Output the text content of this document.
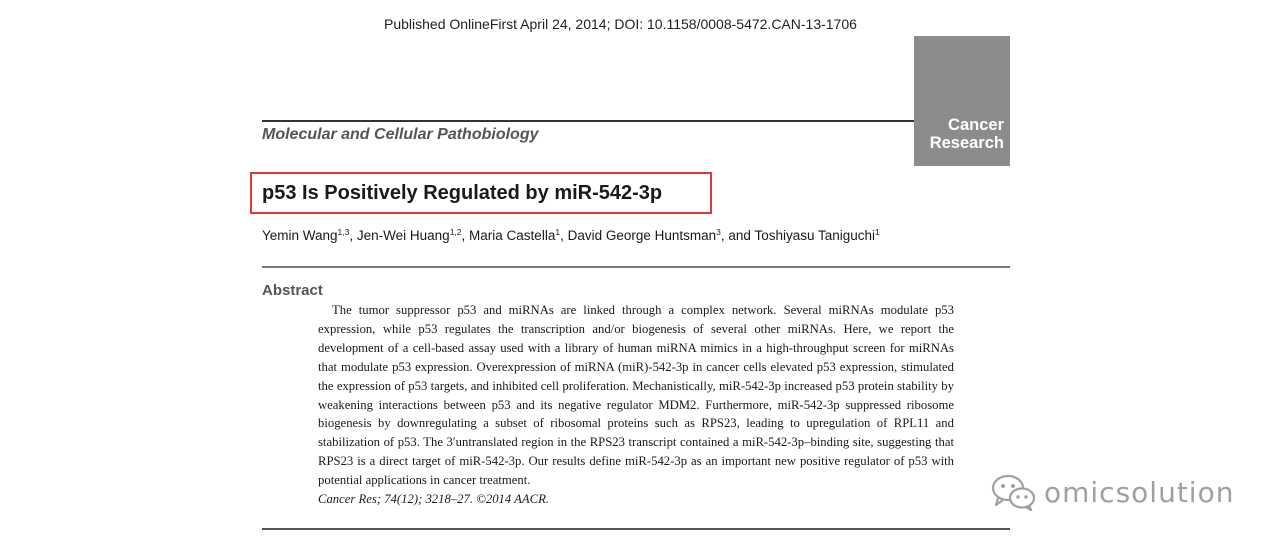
Published OnlineFirst April 24, 2014; DOI: 10.1158/0008-5472.CAN-13-1706
Cancer
Research
Molecular and Cellular Pathobiology
p53 Is Positively Regulated by miR-542-3p
Yemin Wang$^{1,3}$, Jen-Wei Huang$^{1,2}$, Maria Castella$^1$, David George Huntsman$^3$, and Toshiyasu Taniguchi$^1$
Abstract
The tumor suppressor p53 and miRNAs are linked through a complex network. Several miRNAs modulate p53 expression, while p53 regulates the transcription and/or biogenesis of several other miRNAs. Here, we report the development of a cell-based assay used with a library of human miRNA mimics in a high-throughput screen for miRNAs that modulate p53 expression. Overexpression of miRNA (miR)-542-3p in cancer cells elevated p53 expression, stimulated the expression of p53 targets, and inhibited cell proliferation. Mechanistically, miR-542-3p increased p53 protein stability by weakening interactions between p53 and its negative regulator MDM2. Furthermore, miR-542-3p suppressed ribosome biogenesis by downregulating a subset of ribosomal proteins such as RPS23, leading to upregulation of RPL11 and stabilization of p53. The 3′untranslated region in the RPS23 transcript contained a miR-542-3p–binding site, suggesting that RPS23 is a direct target of miR-542-3p. Our results define miR-542-3p as an important new positive regulator of p53 with potential applications in cancer treatment.
Cancer Res; 74(12); 3218–27. ©2014 AACR.	omicsolution
